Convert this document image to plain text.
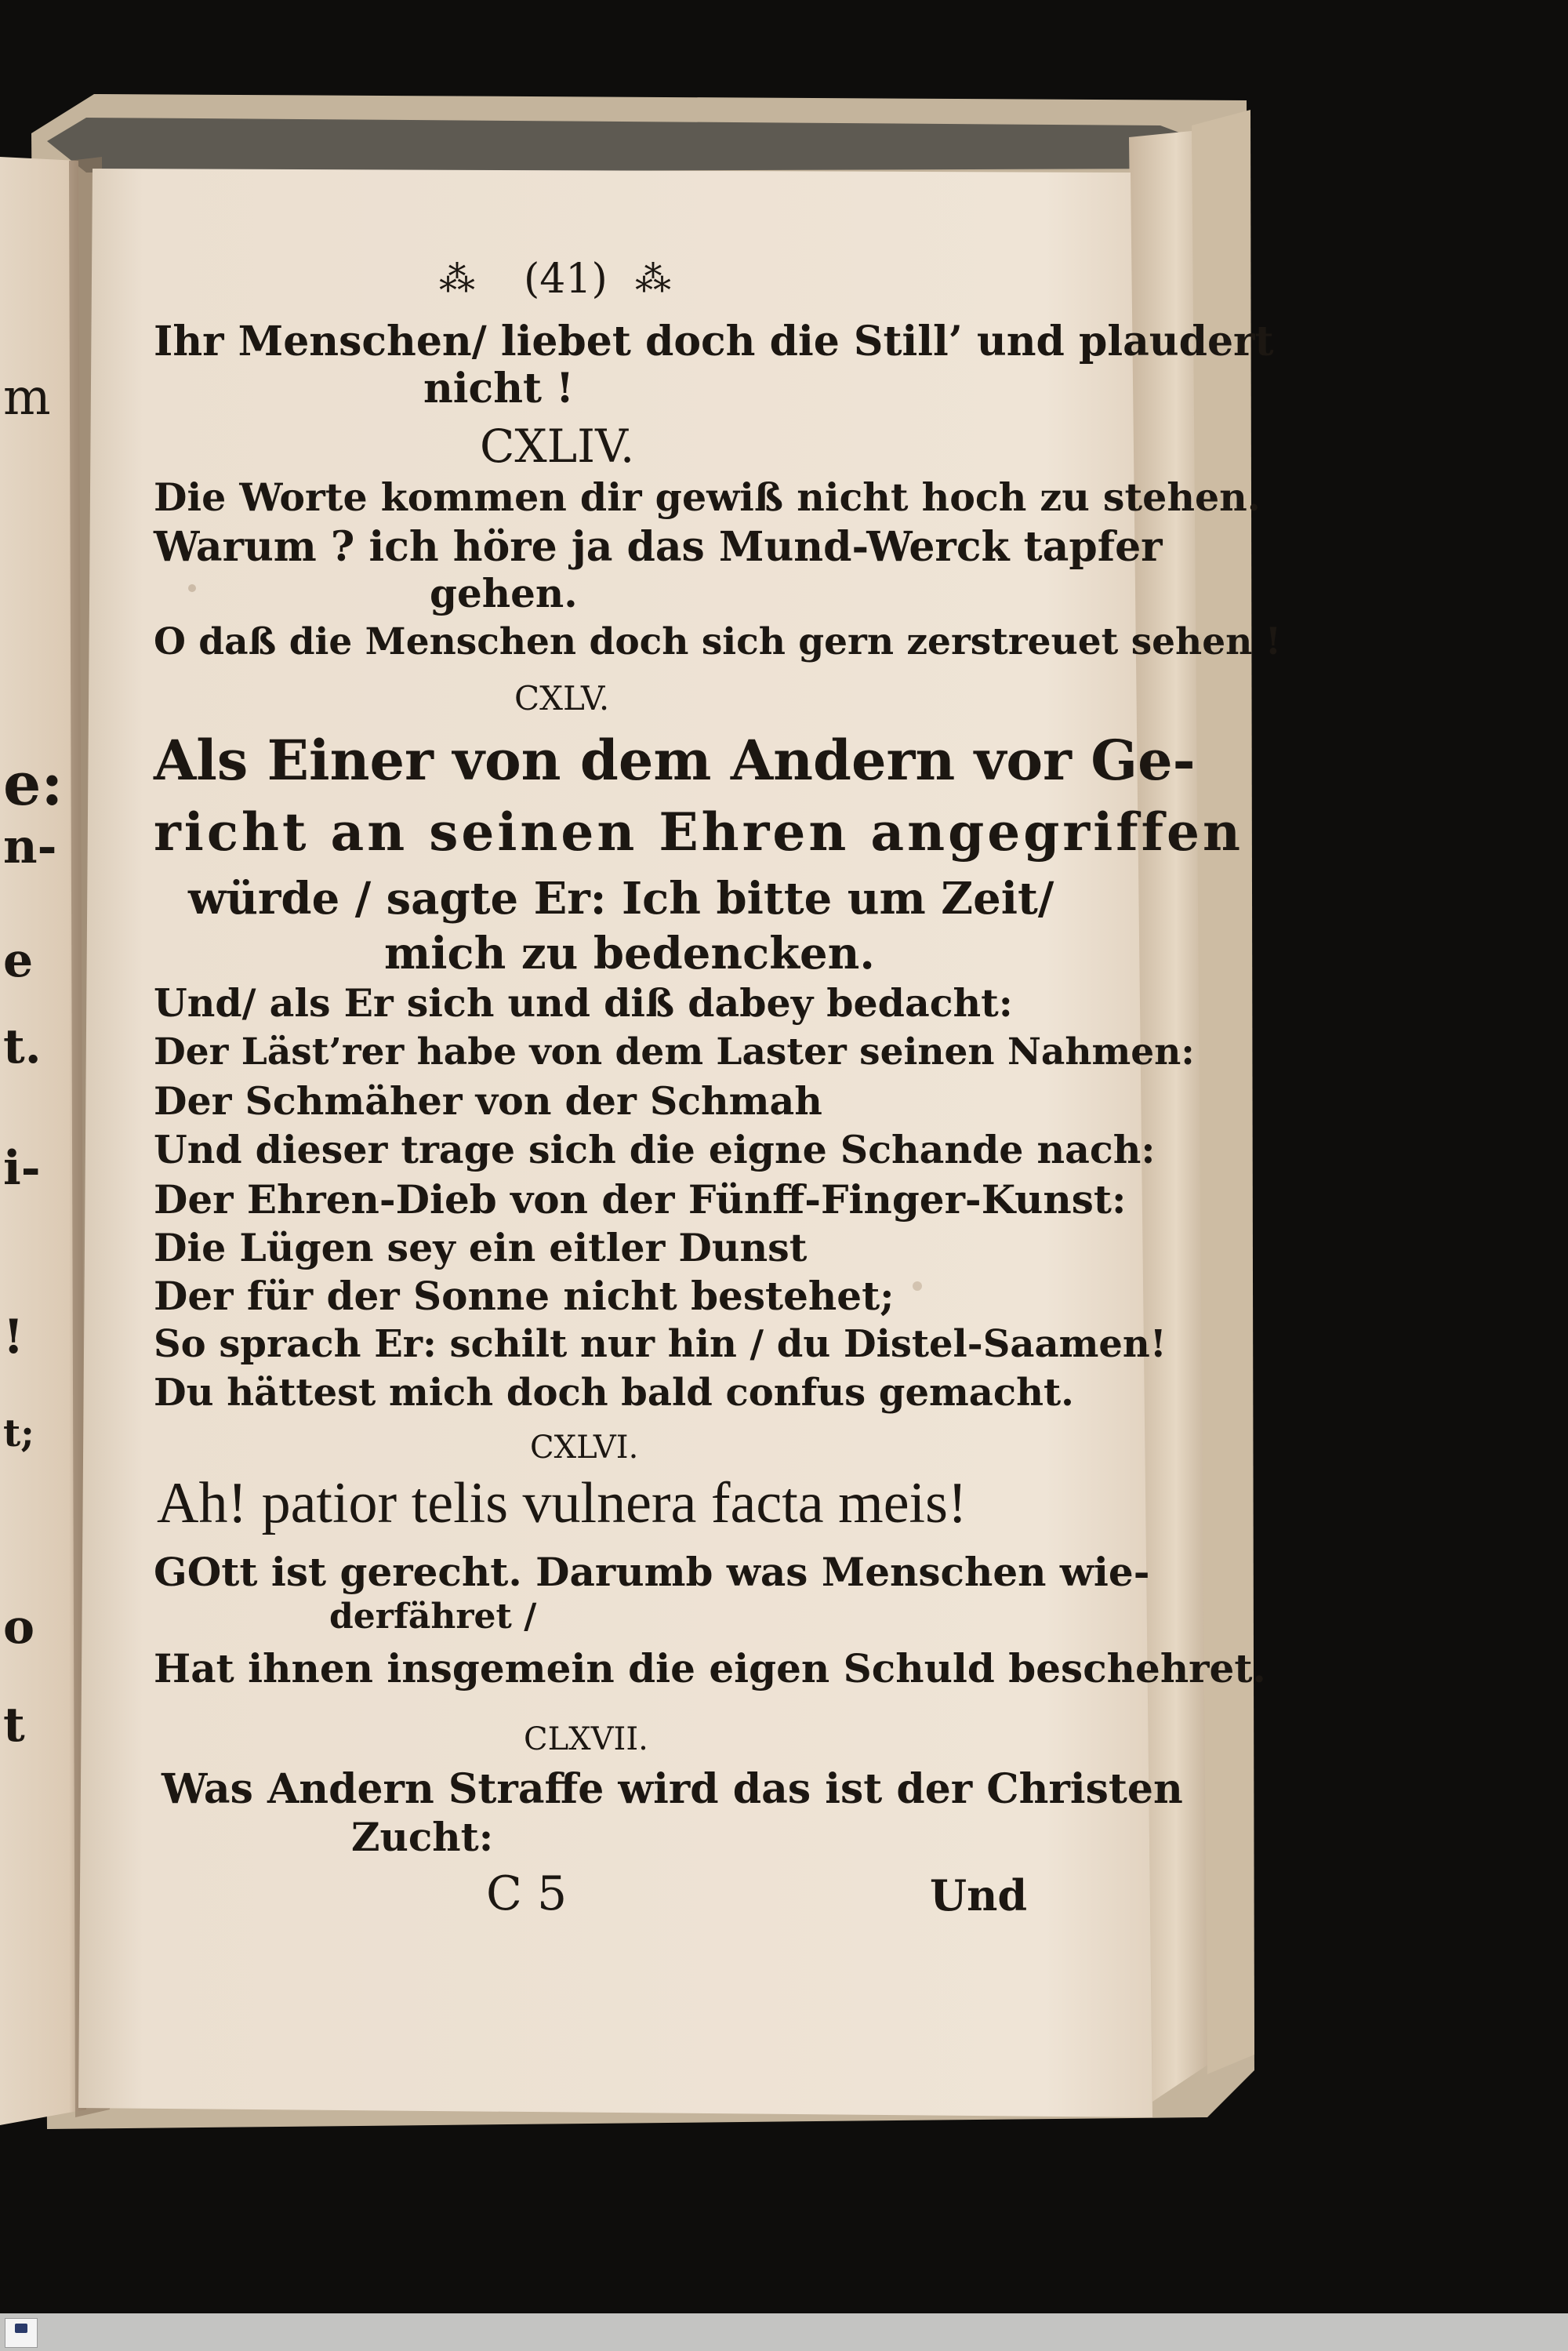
⁂ (41) ⁂
Ihr Menschen/ liebet doch die Still’ und plaudert
nicht !
CXLIV.
Die Worte kommen dir gewiß nicht hoch zu stehen.
Warum ? ich höre ja das Mund-Werck tapfer
gehen.
O daß die Menschen doch sich gern zerstreuet sehen !
CXLV.
Als Einer von dem Andern vor Ge-
richt an seinen Ehren angegriffen
würde / sagte Er: Ich bitte um Zeit/
mich zu bedencken.
Und/ als Er sich und diß dabey bedacht:
Der Läst’rer habe von dem Laster seinen Nahmen:
Der Schmäher von der Schmah
Und dieser trage sich die eigne Schande nach:
Der Ehren-Dieb von der Fünff-Finger-Kunst:
Die Lügen sey ein eitler Dunst
Der für der Sonne nicht bestehet;
So sprach Er: schilt nur hin / du Distel-Saamen!
Du hättest mich doch bald confus gemacht.
CXLVI.
Ah! patior telis vulnera facta meis!
GOtt ist gerecht. Darumb was Menschen wie-
derfähret /
Hat ihnen insgemein die eigen Schuld beschehret.
CLXVII.
Was Andern Straffe wird das ist der Christen
Zucht:
C 5	Und
m
e:
n-
e
t.
i-
!
t;
o
t
